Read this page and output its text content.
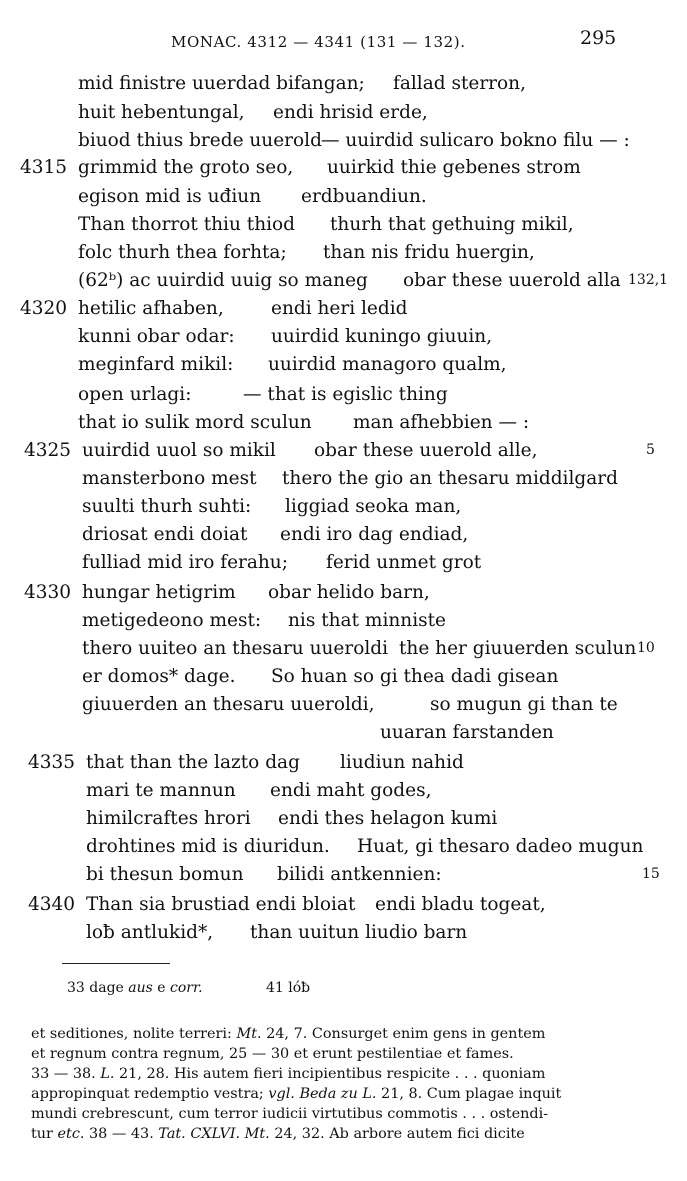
MONAC. 4312 — 4341 (131 — 132).	295
mid finistre uuerdad bifangan; fallad sterron,
huit hebentungal, endi hrisid erde,
biuod thius brede uuerold — uuirdid sulicaro bokno filu — :
4315 grimmid the groto seo, uuirkid thie gebenes strom
egison mid is uđiun erdbuandiun.
Than thorrot thiu thiod thurh that gethuing mikil,
folc thurh thea forhta; than nis fridu huergin,
(62ᵇ) ac uuirdid uuig so maneg obar these uuerold alla 132,1
4320 hetilic afhaben,	endi heri ledid
kunni obar odar: uuirdid kuningo giuuin,
meginfard mikil: uuirdid managoro qualm,
open urlagi:	— that is egislic thing
that io sulik mord sculun man afhebbien — :
4325 uuirdid uuol so mikil obar these uuerold alle,	5
mansterbono mest thero the gio an thesaru middilgard
suulti thurh suhti: liggiad seoka man,
driosat endi doiat endi iro dag endiad,
fulliad mid iro ferahu; ferid unmet grot
4330 hungar hetigrim obar helido barn,
metigedeono mest: nis that minniste
thero uuiteo an thesaru uueroldi the her giuuerden sculun 10
er domos* dage. So huan so gi thea dadi gisean
giuuerden an thesaru uueroldi,	so mugun gi than te
uuaran farstanden
4335 that than the lazto dag liudiun nahid
mari te mannun endi maht godes,
himilcraftes hrori endi thes helagon kumi
drohtines mid is diuridun. Huat, gi thesaro dadeo mugun
bi thesun bomun bilidi antkennien:	15
4340 Than sia brustiad endi bloiat endi bladu togeat,
loƀ antlukid*, than uuitun liudio barn
33 dage aus e corr.	41 lóƀ
et seditiones, nolite terreri: Mt. 24, 7. Consurget enim gens in gentem
et regnum contra regnum, 25 — 30 et erunt pestilentiae et fames.
33 — 38. L. 21, 28. His autem fieri incipientibus respicite . . . quoniam
appropinquat redemptio vestra; vgl. Beda zu L. 21, 8. Cum plagae inquit
mundi crebrescunt, cum terror iudicii virtutibus commotis . . . ostendi-
tur etc. 38 — 43. Tat. CXLVI. Mt. 24, 32. Ab arbore autem fici dicite
